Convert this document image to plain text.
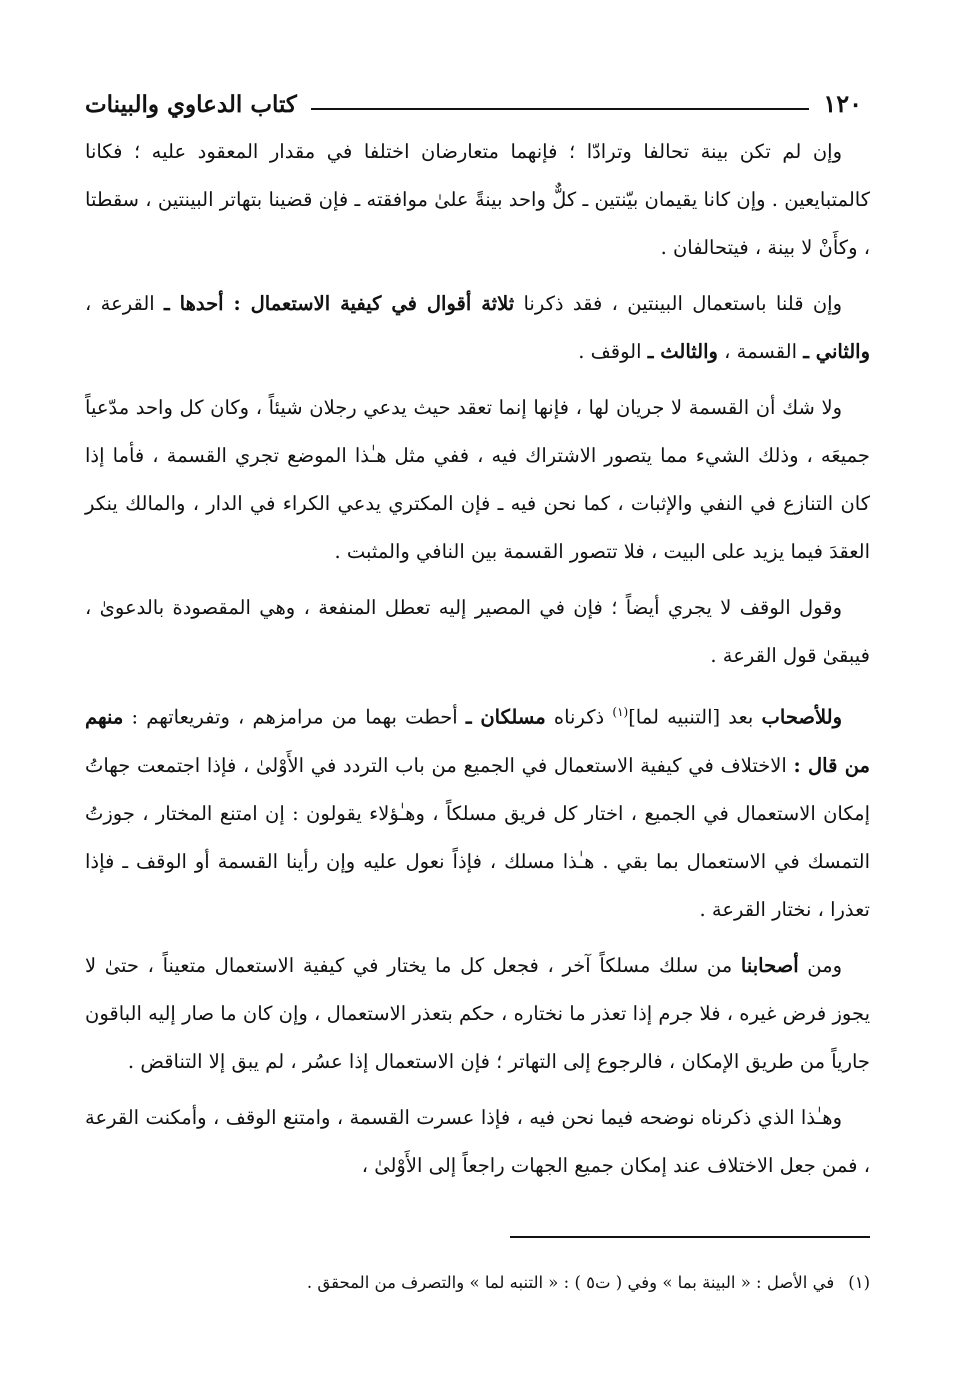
١٢٠
كتاب الدعاوي والبينات

وإن لم تكن بينة تحالفا وترادّا ؛ فإنهما متعارضان اختلفا في مقدار المعقود عليه ؛ فكانا كالمتبايعين . وإن كانا يقيمان بيّنتين ـ كلٌّ واحد بينةً علىٰ موافقته ـ فإن قضينا بتهاتر البينتين ، سقطتا ، وكأَنْ لا بينة ، فيتحالفان .

وإن قلنا باستعمال البينتين ، فقد ذكرنا ثلاثة أقوال في كيفية الاستعمال : أحدها ـ القرعة ، والثاني ـ القسمة ، والثالث ـ الوقف .

ولا شك أن القسمة لا جريان لها ، فإنها إنما تعقد حيث يدعي رجلان شيئاً ، وكان كل واحد مدّعياً جميعَه ، وذلك الشيء مما يتصور الاشتراك فيه ، ففي مثل هـٰذا الموضع تجري القسمة ، فأما إذا كان التنازع في النفي والإثبات ، كما نحن فيه ـ فإن المكتري يدعي الكراء في الدار ، والمالك ينكر العقدَ فيما يزيد على البيت ، فلا تتصور القسمة بين النافي والمثبت .

وقول الوقف لا يجري أيضاً ؛ فإن في المصير إليه تعطل المنفعة ، وهي المقصودة بالدعوىٰ ، فيبقىٰ قول القرعة .

وللأصحاب بعد [التنبيه لما]$^{(١)}$ ذكرناه مسلكان ـ أحطت بهما من مرامزهم ، وتفريعاتهم : منهم من قال : الاختلاف في كيفية الاستعمال في الجميع من باب التردد في الأَوْلىٰ ، فإذا اجتمعت جهاتُ إمكان الاستعمال في الجميع ، اختار كل فريق مسلكاً ، وهـٰؤلاء يقولون : إن امتنع المختار ، جوزتُ التمسك في الاستعمال بما بقي . هـٰذا مسلك ، فإذاً نعول عليه وإن رأينا القسمة أو الوقف ـ فإذا تعذرا ، نختار القرعة .

ومن أصحابنا من سلك مسلكاً آخر ، فجعل كل ما يختار في كيفية الاستعمال متعيناً ، حتىٰ لا يجوز فرض غيره ، فلا جرم إذا تعذر ما نختاره ، حكم بتعذر الاستعمال ، وإن كان ما صار إليه الباقون جارياً من طريق الإمكان ، فالرجوع إلى التهاتر ؛ فإن الاستعمال إذا عسُر ، لم يبق إلا التناقض .

وهـٰذا الذي ذكرناه نوضحه فيما نحن فيه ، فإذا عسرت القسمة ، وامتنع الوقف ، وأمكنت القرعة ، فمن جعل الاختلاف عند إمكان جميع الجهات راجعاً إلى الأَوْلىٰ ،

(١)في الأصل : « البينة بما » وفي ( ت٥ ) : « التنبه لما » والتصرف من المحقق .
